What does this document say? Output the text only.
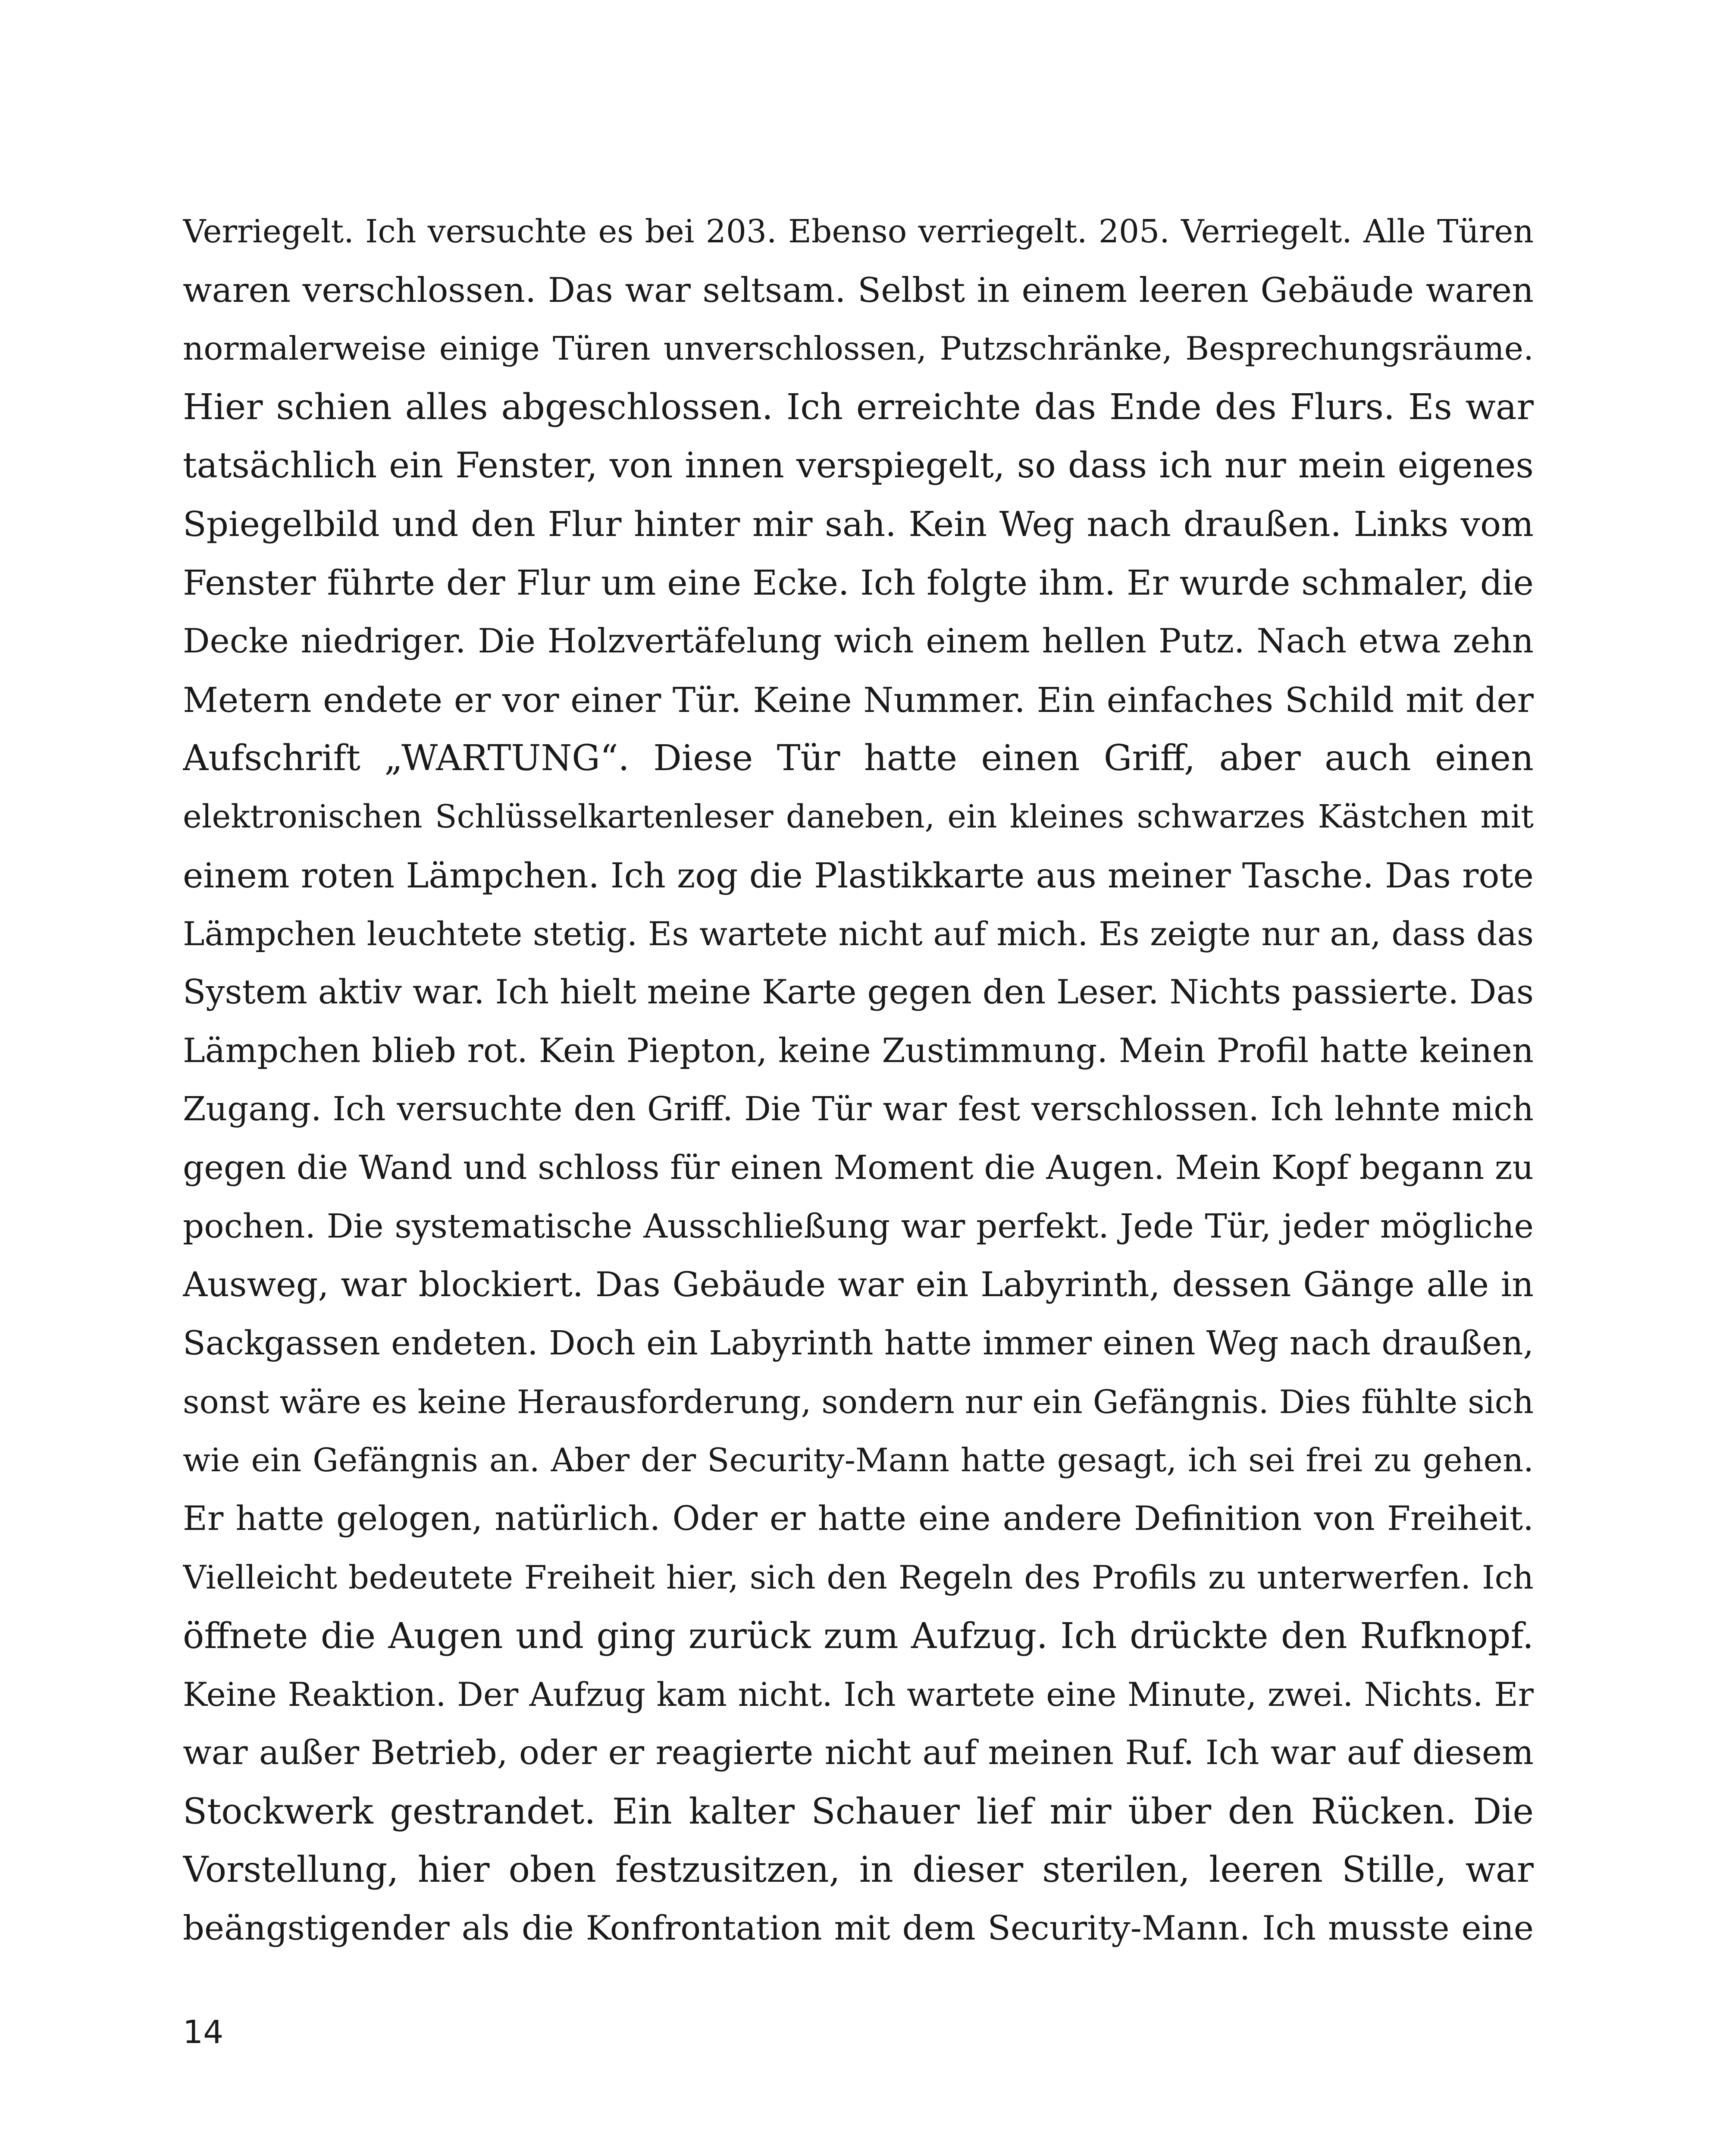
Verriegelt. Ich versuchte es bei 203. Ebenso verriegelt. 205. Verriegelt. Alle Türen
waren verschlossen. Das war seltsam. Selbst in einem leeren Gebäude waren
normalerweise einige Türen unverschlossen, Putzschränke, Besprechungsräume.
Hier schien alles abgeschlossen. Ich erreichte das Ende des Flurs. Es war
tatsächlich ein Fenster, von innen verspiegelt, so dass ich nur mein eigenes
Spiegelbild und den Flur hinter mir sah. Kein Weg nach draußen. Links vom
Fenster führte der Flur um eine Ecke. Ich folgte ihm. Er wurde schmaler, die
Decke niedriger. Die Holzvertäfelung wich einem hellen Putz. Nach etwa zehn
Metern endete er vor einer Tür. Keine Nummer. Ein einfaches Schild mit der
Aufschrift „WARTUNG“. Diese Tür hatte einen Griff, aber auch einen
elektronischen Schlüsselkartenleser daneben, ein kleines schwarzes Kästchen mit
einem roten Lämpchen. Ich zog die Plastikkarte aus meiner Tasche. Das rote
Lämpchen leuchtete stetig. Es wartete nicht auf mich. Es zeigte nur an, dass das
System aktiv war. Ich hielt meine Karte gegen den Leser. Nichts passierte. Das
Lämpchen blieb rot. Kein Piepton, keine Zustimmung. Mein Profil hatte keinen
Zugang. Ich versuchte den Griff. Die Tür war fest verschlossen. Ich lehnte mich
gegen die Wand und schloss für einen Moment die Augen. Mein Kopf begann zu
pochen. Die systematische Ausschließung war perfekt. Jede Tür, jeder mögliche
Ausweg, war blockiert. Das Gebäude war ein Labyrinth, dessen Gänge alle in
Sackgassen endeten. Doch ein Labyrinth hatte immer einen Weg nach draußen,
sonst wäre es keine Herausforderung, sondern nur ein Gefängnis. Dies fühlte sich
wie ein Gefängnis an. Aber der Security-Mann hatte gesagt, ich sei frei zu gehen.
Er hatte gelogen, natürlich. Oder er hatte eine andere Definition von Freiheit.
Vielleicht bedeutete Freiheit hier, sich den Regeln des Profils zu unterwerfen. Ich
öffnete die Augen und ging zurück zum Aufzug. Ich drückte den Rufknopf.
Keine Reaktion. Der Aufzug kam nicht. Ich wartete eine Minute, zwei. Nichts. Er
war außer Betrieb, oder er reagierte nicht auf meinen Ruf. Ich war auf diesem
Stockwerk gestrandet. Ein kalter Schauer lief mir über den Rücken. Die
Vorstellung, hier oben festzusitzen, in dieser sterilen, leeren Stille, war
beängstigender als die Konfrontation mit dem Security-Mann. Ich musste eine
14
